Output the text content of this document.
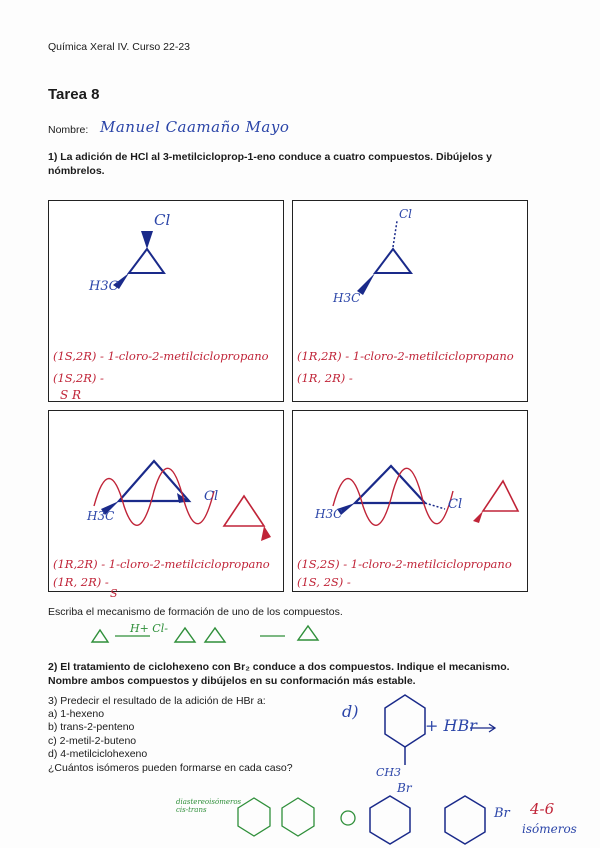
Química Xeral IV. Curso 22-23
Tarea 8
Nombre: Manuel Caamaño Mayo
1) La adición de HCl al 3-metilcicloprop-1-eno conduce a cuatro compuestos. Dibújelos y
nómbrelos.
Cl
H3C
(1S,2R) - 1-cloro-2-metilciclopropano
(1S,2R) -
S R
Cl
H3C
(1R,2R) - 1-cloro-2-metilciclopropano
(1R, 2R) -
Cl
H3C
(1R,2R) - 1-cloro-2-metilciclopropano
(1R, 2R) -
S
Cl
H3C
(1S,2S) - 1-cloro-2-metilciclopropano
(1S, 2S) -
Escriba el mecanismo de formación de uno de los compuestos.
H+ Cl-
2) El tratamiento de ciclohexeno con Br₂ conduce a dos compuestos. Indique el mecanismo.
Nombre ambos compuestos y dibújelos en su conformación más estable.
3) Predecir el resultado de la adición de HBr a:
a) 1-hexeno
b) trans-2-penteno
c) 2-metil-2-buteno
d) 4-metilciclohexeno
¿Cuántos isómeros pueden formarse en cada caso?
d)
+ HBr
CH3
Br
Br 4-6
isómeros
diastereoisómeros cis-trans
